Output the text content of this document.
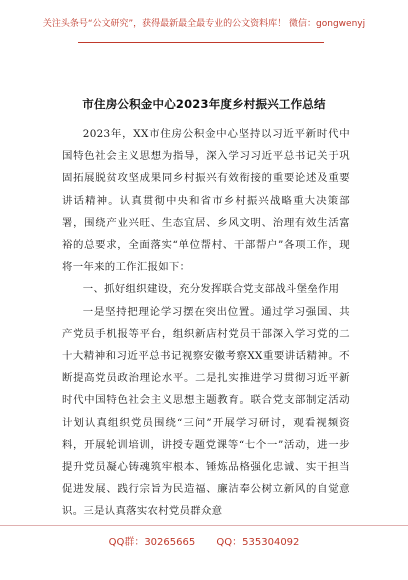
关注头条号“公文研究”，获得最新最全最专业的公文资料库！ 微信：gongwenyj
市住房公积金中心2023年度乡村振兴工作总结

2023年，XX市住房公积金中心坚持以习近平新时代中国特色社会主义思想为指导，深入学习习近平总书记关于巩固拓展脱贫攻坚成果同乡村振兴有效衔接的重要论述及重要讲话精神。认真贯彻中央和省市乡村振兴战略重大决策部署，围绕产业兴旺、生态宜居、乡风文明、治理有效生活富裕的总要求，全面落实“单位帮村、干部帮户”各项工作，现将一年来的工作汇报如下：

一、抓好组织建设，充分发挥联合党支部战斗堡垒作用

一是坚持把理论学习摆在突出位置。通过学习强国、共产党员手机报等平台，组织新店村党员干部深入学习党的二十大精神和习近平总书记视察安徽考察XX重要讲话精神。不断提高党员政治理论水平。二是扎实推进学习贯彻习近平新时代中国特色社会主义思想主题教育。联合党支部制定活动计划认真组织党员围绕“三问”开展学习研讨，观看视频资料，开展轮训培训，讲授专题党课等“七个一”活动，进一步提升党员凝心铸魂筑牢根本、锤炼品格强化忠诚、实干担当促进发展、践行宗旨为民造福、廉洁奉公树立新风的自觉意识。三是认真落实农村党员群众意

QQ群：30265665 QQ：535304092
